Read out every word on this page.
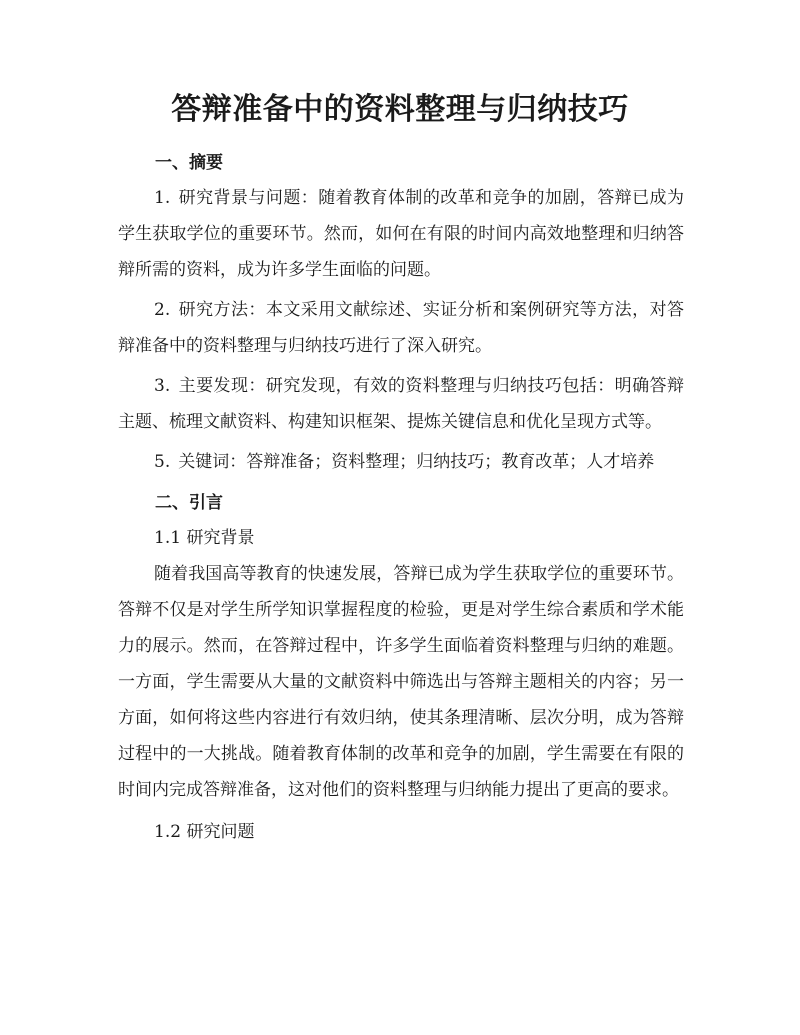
答辩准备中的资料整理与归纳技巧
一、摘要

1. 研究背景与问题：随着教育体制的改革和竞争的加剧，答辩已成为学生获取学位的重要环节。然而，如何在有限的时间内高效地整理和归纳答辩所需的资料，成为许多学生面临的问题。

2. 研究方法：本文采用文献综述、实证分析和案例研究等方法，对答辩准备中的资料整理与归纳技巧进行了深入研究。

3. 主要发现：研究发现，有效的资料整理与归纳技巧包括：明确答辩主题、梳理文献资料、构建知识框架、提炼关键信息和优化呈现方式等。

5. 关键词：答辩准备；资料整理；归纳技巧；教育改革；人才培养

二、引言

1.1 研究背景

随着我国高等教育的快速发展，答辩已成为学生获取学位的重要环节。答辩不仅是对学生所学知识掌握程度的检验，更是对学生综合素质和学术能力的展示。然而，在答辩过程中，许多学生面临着资料整理与归纳的难题。一方面，学生需要从大量的文献资料中筛选出与答辩主题相关的内容；另一方面，如何将这些内容进行有效归纳，使其条理清晰、层次分明，成为答辩过程中的一大挑战。随着教育体制的改革和竞争的加剧，学生需要在有限的时间内完成答辩准备，这对他们的资料整理与归纳能力提出了更高的要求。

1.2 研究问题
